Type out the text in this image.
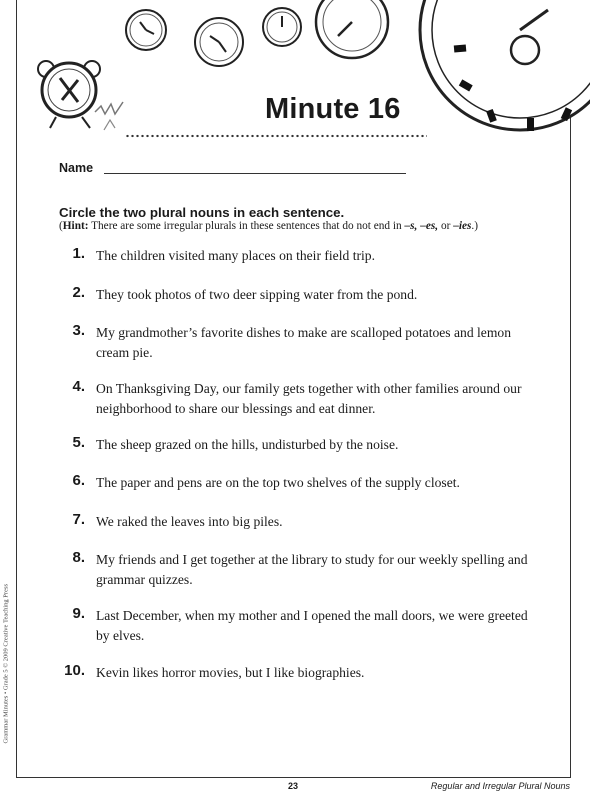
Minute 16
Name
Circle the two plural nouns in each sentence.
(Hint: There are some irregular plurals in these sentences that do not end in –s, –es, or –ies.)
1. The children visited many places on their field trip.
2. They took photos of two deer sipping water from the pond.
3. My grandmother’s favorite dishes to make are scalloped potatoes and lemon cream pie.
4. On Thanksgiving Day, our family gets together with other families around our neighborhood to share our blessings and eat dinner.
5. The sheep grazed on the hills, undisturbed by the noise.
6. The paper and pens are on the top two shelves of the supply closet.
7. We raked the leaves into big piles.
8. My friends and I get together at the library to study for our weekly spelling and grammar quizzes.
9. Last December, when my mother and I opened the mall doors, we were greeted by elves.
10. Kevin likes horror movies, but I like biographies.
Grammar Minutes • Grade 5 © 2009 Creative Teaching Press
23	Regular and Irregular Plural Nouns
